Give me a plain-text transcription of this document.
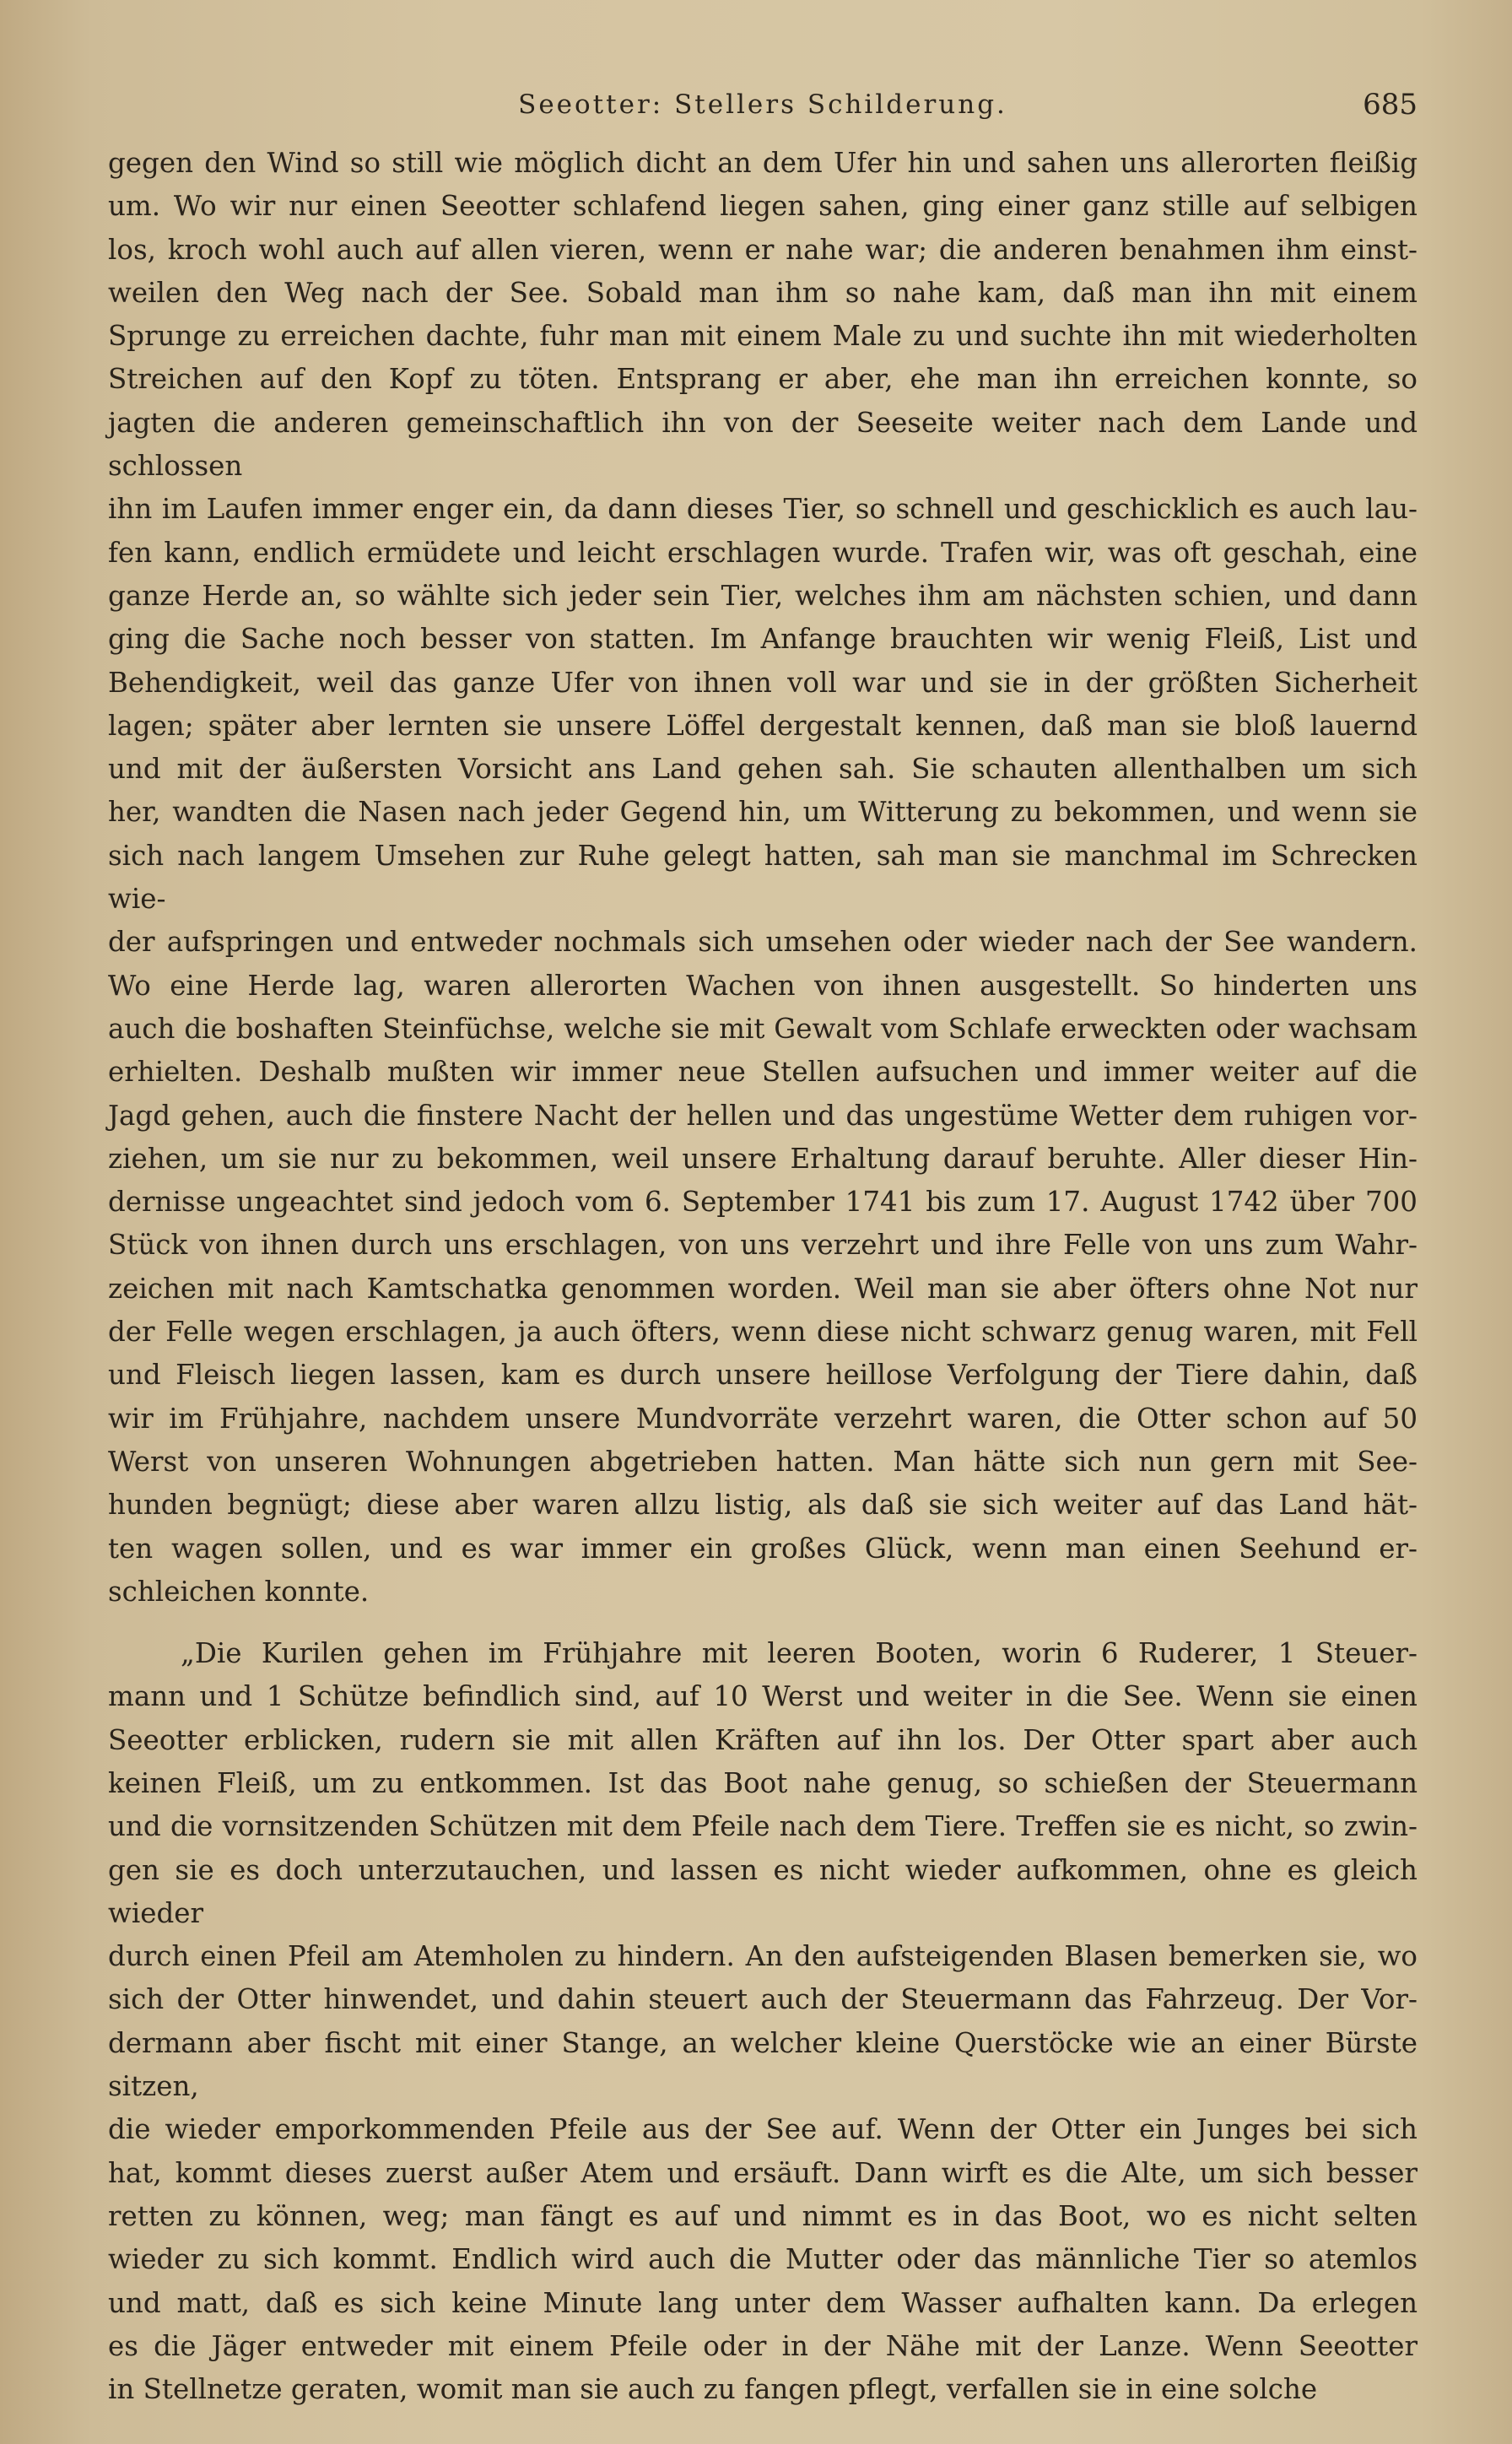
Seeotter: Stellers Schilderung.	685

gegen den Wind so still wie möglich dicht an dem Ufer hin und sahen uns allerorten fleißig

um. Wo wir nur einen Seeotter schlafend liegen sahen, ging einer ganz stille auf selbigen

los, kroch wohl auch auf allen vieren, wenn er nahe war; die anderen benahmen ihm einst-

weilen den Weg nach der See. Sobald man ihm so nahe kam, daß man ihn mit einem

Sprunge zu erreichen dachte, fuhr man mit einem Male zu und suchte ihn mit wiederholten

Streichen auf den Kopf zu töten. Entsprang er aber, ehe man ihn erreichen konnte, so

jagten die anderen gemeinschaftlich ihn von der Seeseite weiter nach dem Lande und schlossen

ihn im Laufen immer enger ein, da dann dieses Tier, so schnell und geschicklich es auch lau-

fen kann, endlich ermüdete und leicht erschlagen wurde. Trafen wir, was oft geschah, eine

ganze Herde an, so wählte sich jeder sein Tier, welches ihm am nächsten schien, und dann

ging die Sache noch besser von statten. Im Anfange brauchten wir wenig Fleiß, List und

Behendigkeit, weil das ganze Ufer von ihnen voll war und sie in der größten Sicherheit

lagen; später aber lernten sie unsere Löffel dergestalt kennen, daß man sie bloß lauernd

und mit der äußersten Vorsicht ans Land gehen sah. Sie schauten allenthalben um sich

her, wandten die Nasen nach jeder Gegend hin, um Witterung zu bekommen, und wenn sie

sich nach langem Umsehen zur Ruhe gelegt hatten, sah man sie manchmal im Schrecken wie-

der aufspringen und entweder nochmals sich umsehen oder wieder nach der See wandern.

Wo eine Herde lag, waren allerorten Wachen von ihnen ausgestellt. So hinderten uns

auch die boshaften Steinfüchse, welche sie mit Gewalt vom Schlafe erweckten oder wachsam

erhielten. Deshalb mußten wir immer neue Stellen aufsuchen und immer weiter auf die

Jagd gehen, auch die finstere Nacht der hellen und das ungestüme Wetter dem ruhigen vor-

ziehen, um sie nur zu bekommen, weil unsere Erhaltung darauf beruhte. Aller dieser Hin-

dernisse ungeachtet sind jedoch vom 6. September 1741 bis zum 17. August 1742 über 700

Stück von ihnen durch uns erschlagen, von uns verzehrt und ihre Felle von uns zum Wahr-

zeichen mit nach Kamtschatka genommen worden. Weil man sie aber öfters ohne Not nur

der Felle wegen erschlagen, ja auch öfters, wenn diese nicht schwarz genug waren, mit Fell

und Fleisch liegen lassen, kam es durch unsere heillose Verfolgung der Tiere dahin, daß

wir im Frühjahre, nachdem unsere Mundvorräte verzehrt waren, die Otter schon auf 50

Werst von unseren Wohnungen abgetrieben hatten. Man hätte sich nun gern mit See-

hunden begnügt; diese aber waren allzu listig, als daß sie sich weiter auf das Land hät-

ten wagen sollen, und es war immer ein großes Glück, wenn man einen Seehund er-

schleichen konnte.

„Die Kurilen gehen im Frühjahre mit leeren Booten, worin 6 Ruderer, 1 Steuer-

mann und 1 Schütze befindlich sind, auf 10 Werst und weiter in die See. Wenn sie einen

Seeotter erblicken, rudern sie mit allen Kräften auf ihn los. Der Otter spart aber auch

keinen Fleiß, um zu entkommen. Ist das Boot nahe genug, so schießen der Steuermann

und die vornsitzenden Schützen mit dem Pfeile nach dem Tiere. Treffen sie es nicht, so zwin-

gen sie es doch unterzutauchen, und lassen es nicht wieder aufkommen, ohne es gleich wieder

durch einen Pfeil am Atemholen zu hindern. An den aufsteigenden Blasen bemerken sie, wo

sich der Otter hinwendet, und dahin steuert auch der Steuermann das Fahrzeug. Der Vor-

dermann aber fischt mit einer Stange, an welcher kleine Querstöcke wie an einer Bürste sitzen,

die wieder emporkommenden Pfeile aus der See auf. Wenn der Otter ein Junges bei sich

hat, kommt dieses zuerst außer Atem und ersäuft. Dann wirft es die Alte, um sich besser

retten zu können, weg; man fängt es auf und nimmt es in das Boot, wo es nicht selten

wieder zu sich kommt. Endlich wird auch die Mutter oder das männliche Tier so atemlos

und matt, daß es sich keine Minute lang unter dem Wasser aufhalten kann. Da erlegen

es die Jäger entweder mit einem Pfeile oder in der Nähe mit der Lanze. Wenn Seeotter

in Stellnetze geraten, womit man sie auch zu fangen pflegt, verfallen sie in eine solche
